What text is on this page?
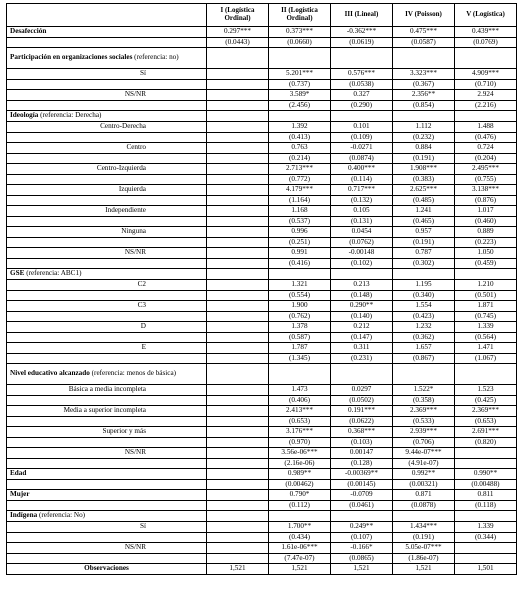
	I (Logística Ordinal)	II (Logística Ordinal)	III (Lineal)	IV (Poisson)	V (Logística)
Desafección	0.297***	0.373***	-0.362***	0.475***	0.439***
	(0.0443)	(0.0660)	(0.0619)	(0.0587)	(0.0769)
Participación en organizaciones sociales (referencia: no)					
Sí		5.201***	0.576***	3.323***	4.909***
		(0.737)	(0.0538)	(0.367)	(0.710)
NS/NR		3.589*	0.327	2.356**	2.924
		(2.456)	(0.290)	(0.854)	(2.216)
Ideología (referencia: Derecha)					
Centro-Derecha		1.392	0.101	1.112	1.488
		(0.413)	(0.109)	(0.232)	(0.476)
Centro		0.763	-0.0271	0.884	0.724
		(0.214)	(0.0874)	(0.191)	(0.204)
Centro-Izquierda		2.713***	0.400***	1.908***	2.495***
		(0.772)	(0.114)	(0.383)	(0.755)
Izquierda		4.179***	0.717***	2.625***	3.138***
		(1.164)	(0.132)	(0.485)	(0.876)
Independiente		1.168	0.105	1.241	1.017
		(0.537)	(0.131)	(0.465)	(0.460)
Ninguna		0.996	0.0454	0.957	0.889
		(0.251)	(0.0762)	(0.191)	(0.223)
NS/NR		0.991	-0.00148	0.787	1.050
		(0.416)	(0.102)	(0.302)	(0.459)
GSE (referencia: ABC1)					
C2		1.321	0.213	1.195	1.210
		(0.554)	(0.148)	(0.340)	(0.501)
C3		1.900	0.290**	1.554	1.871
		(0.762)	(0.140)	(0.423)	(0.745)
D		1.378	0.212	1.232	1.339
		(0.587)	(0.147)	(0.362)	(0.564)
E		1.787	0.311	1.657	1.471
		(1.345)	(0.231)	(0.867)	(1.067)
Nivel educativo alcanzado (referencia: menos de básica)					
Básica a media incompleta		1.473	0.0297	1.522*	1.523
		(0.406)	(0.0502)	(0.358)	(0.425)
Media a superior incompleta		2.413***	0.191***	2.369***	2.369***
		(0.653)	(0.0622)	(0.533)	(0.653)
Superior y más		3.176***	0.368***	2.939***	2.691***
		(0.970)	(0.103)	(0.706)	(0.820)
NS/NR		3.56e-06***	0.00147	9.44e-07***	
		(2.16e-06)	(0.128)	(4.91e-07)	
Edad		0.989**	-0.00369**	0.992**	0.990**
		(0.00462)	(0.00145)	(0.00321)	(0.00488)
Mujer		0.790*	-0.0709	0.871	0.811
		(0.112)	(0.0461)	(0.0878)	(0.118)
Indígena (referencia: No)					
Sí		1.700**	0.249**	1.434***	1.339
		(0.434)	(0.107)	(0.191)	(0.344)
NS/NR		1.61e-06***	-0.166*	5.05e-07***	
		(7.47e-07)	(0.0865)	(1.86e-07)	
Observaciones	1,521	1,521	1,521	1,521	1,501
